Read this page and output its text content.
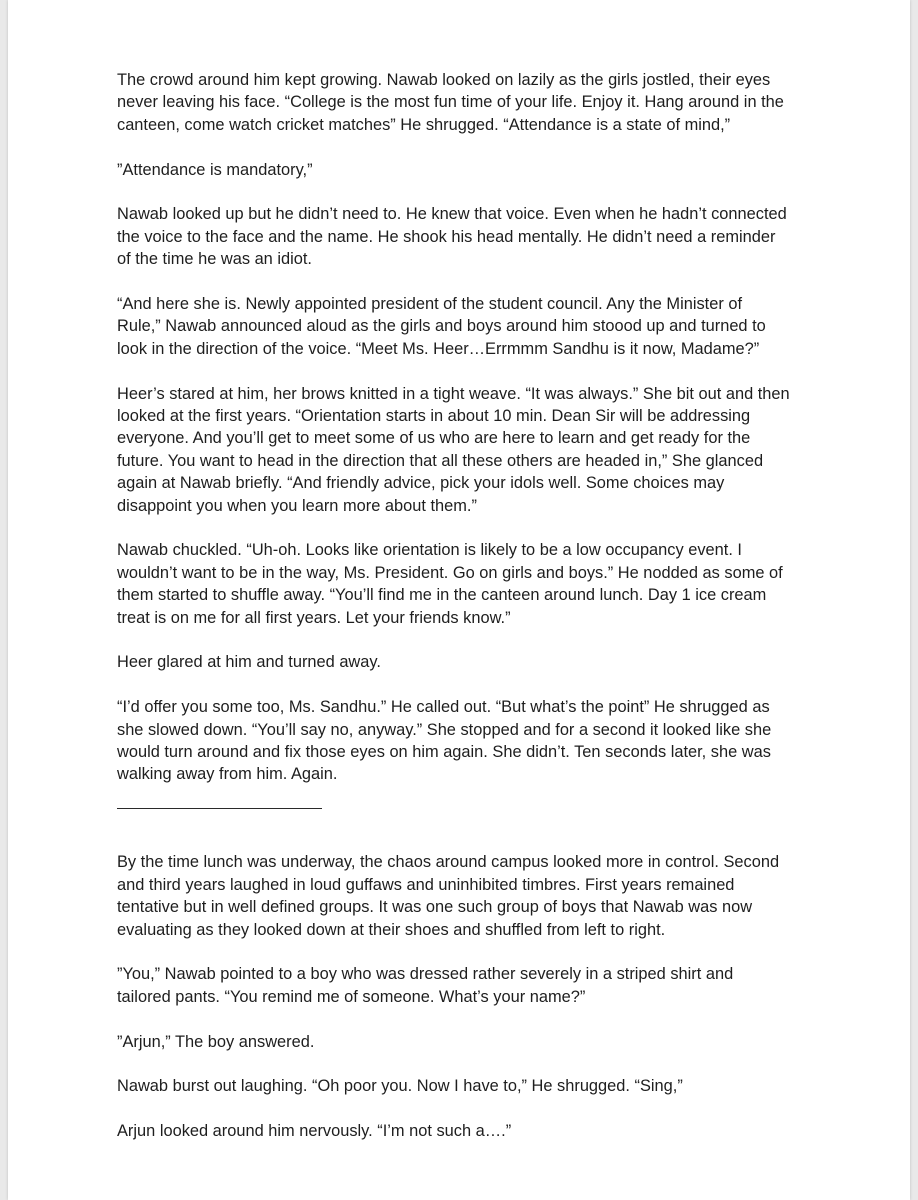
The crowd around him kept growing. Nawab looked on lazily as the girls jostled, their eyes
never leaving his face. “College is the most fun time of your life. Enjoy it. Hang around in the
canteen, come watch cricket matches” He shrugged. “Attendance is a state of mind,”

”Attendance is mandatory,”

Nawab looked up but he didn’t need to. He knew that voice. Even when he hadn’t connected
the voice to the face and the name. He shook his head mentally. He didn’t need a reminder
of the time he was an idiot.

“And here she is. Newly appointed president of the student council. Any the Minister of
Rule,” Nawab announced aloud as the girls and boys around him stoood up and turned to
look in the direction of the voice. “Meet Ms. Heer…Errmmm Sandhu is it now, Madame?”

Heer’s stared at him, her brows knitted in a tight weave. “It was always.” She bit out and then
looked at the first years. “Orientation starts in about 10 min. Dean Sir will be addressing
everyone. And you’ll get to meet some of us who are here to learn and get ready for the
future. You want to head in the direction that all these others are headed in,” She glanced
again at Nawab briefly. “And friendly advice, pick your idols well. Some choices may
disappoint you when you learn more about them.”

Nawab chuckled. “Uh-oh. Looks like orientation is likely to be a low occupancy event. I
wouldn’t want to be in the way, Ms. President. Go on girls and boys.” He nodded as some of
them started to shuffle away. “You’ll find me in the canteen around lunch. Day 1 ice cream
treat is on me for all first years. Let your friends know.”

Heer glared at him and turned away.

“I’d offer you some too, Ms. Sandhu.” He called out. “But what’s the point” He shrugged as
she slowed down. “You’ll say no, anyway.” She stopped and for a second it looked like she
would turn around and fix those eyes on him again. She didn’t. Ten seconds later, she was
walking away from him. Again.

By the time lunch was underway, the chaos around campus looked more in control. Second
and third years laughed in loud guffaws and uninhibited timbres. First years remained
tentative but in well defined groups. It was one such group of boys that Nawab was now
evaluating as they looked down at their shoes and shuffled from left to right.

”You,” Nawab pointed to a boy who was dressed rather severely in a striped shirt and
tailored pants. “You remind me of someone. What’s your name?”

”Arjun,” The boy answered.

Nawab burst out laughing. “Oh poor you. Now I have to,” He shrugged. “Sing,”

Arjun looked around him nervously. “I’m not such a….”
